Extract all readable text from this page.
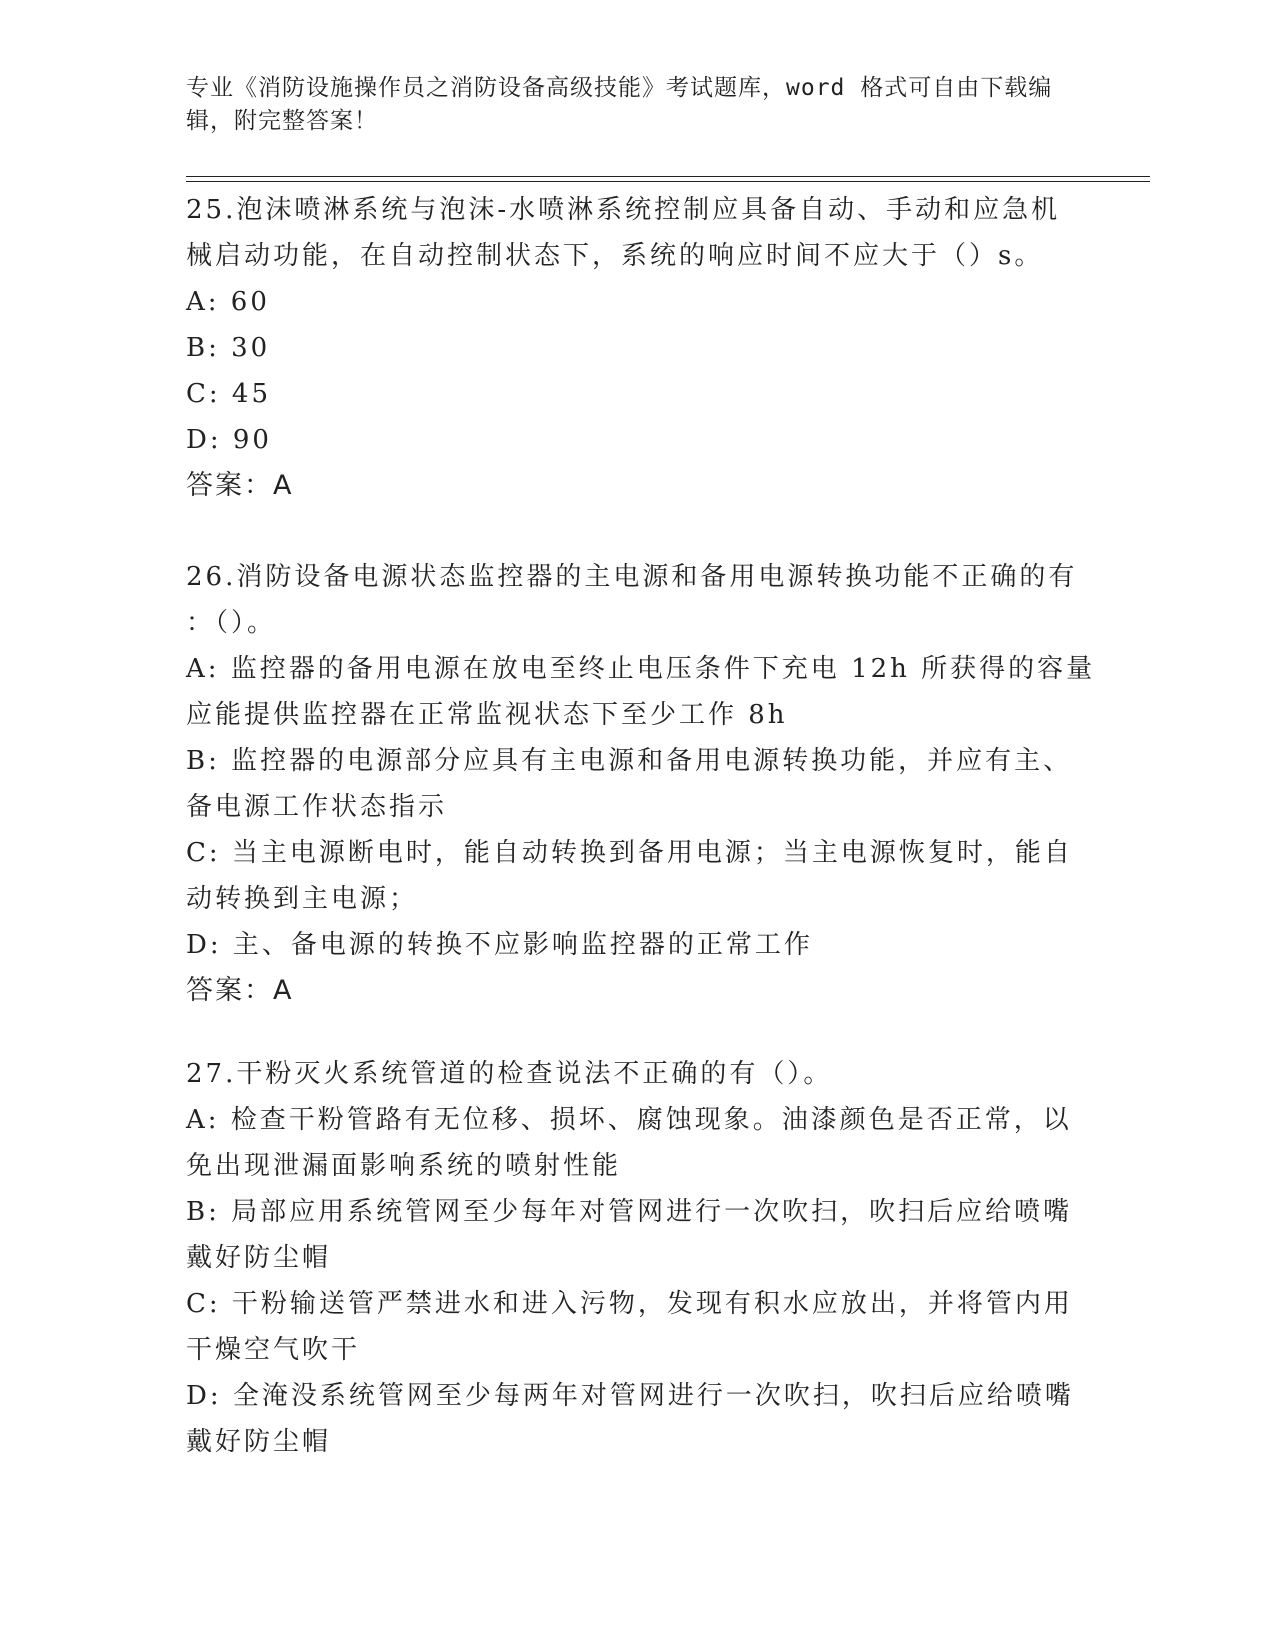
专业《消防设施操作员之消防设备高级技能》考试题库，word 格式可自由下载编
辑，附完整答案！
25.泡沫喷淋系统与泡沫-水喷淋系统控制应具备自动、手动和应急机
械启动功能，在自动控制状态下，系统的响应时间不应大于（）s。
A: 60
B: 30
C: 45
D: 90
答案：A
26.消防设备电源状态监控器的主电源和备用电源转换功能不正确的有
：（）。
A: 监控器的备用电源在放电至终止电压条件下充电 12h 所获得的容量
应能提供监控器在正常监视状态下至少工作 8h
B: 监控器的电源部分应具有主电源和备用电源转换功能，并应有主、
备电源工作状态指示
C: 当主电源断电时，能自动转换到备用电源；当主电源恢复时，能自
动转换到主电源；
D: 主、备电源的转换不应影响监控器的正常工作
答案：A
27.干粉灭火系统管道的检查说法不正确的有（）。
A: 检查干粉管路有无位移、损坏、腐蚀现象。油漆颜色是否正常，以
免出现泄漏面影响系统的喷射性能
B: 局部应用系统管网至少每年对管网进行一次吹扫，吹扫后应给喷嘴
戴好防尘帽
C: 干粉输送管严禁进水和进入污物，发现有积水应放出，并将管内用
干燥空气吹干
D: 全淹没系统管网至少每两年对管网进行一次吹扫，吹扫后应给喷嘴
戴好防尘帽
